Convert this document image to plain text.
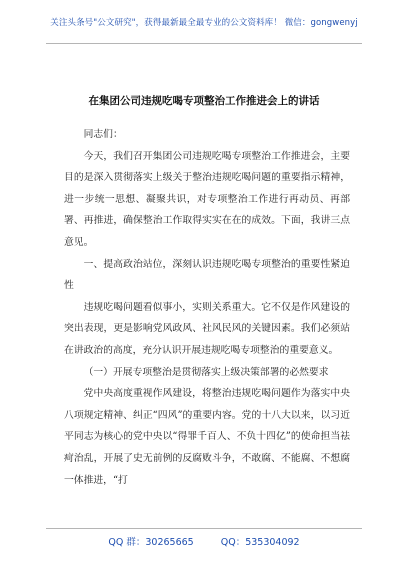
关注头条号"公文研究"，获得最新最全最专业的公文资料库！ 微信：gongwenyj
在集团公司违规吃喝专项整治工作推进会上的讲话

同志们：

今天，我们召开集团公司违规吃喝专项整治工作推进会，主要目的是深入贯彻落实上级关于整治违规吃喝问题的重要指示精神，进一步统一思想、凝聚共识，对专项整治工作进行再动员、再部署、再推进，确保整治工作取得实实在在的成效。下面，我讲三点意见。

一、提高政治站位，深刻认识违规吃喝专项整治的重要性紧迫性

违规吃喝问题看似事小，实则关系重大。它不仅是作风建设的突出表现，更是影响党风政风、社风民风的关键因素。我们必须站在讲政治的高度，充分认识开展违规吃喝专项整治的重要意义。

（一）开展专项整治是贯彻落实上级决策部署的必然要求

党中央高度重视作风建设，将整治违规吃喝问题作为落实中央八项规定精神、纠正“四风”的重要内容。党的十八大以来，以习近平同志为核心的党中央以“得罪千百人、不负十四亿”的使命担当祛疴治乱，开展了史无前例的反腐败斗争，不敢腐、不能腐、不想腐一体推进，“打

QQ 群：30265665	QQ：535304092
